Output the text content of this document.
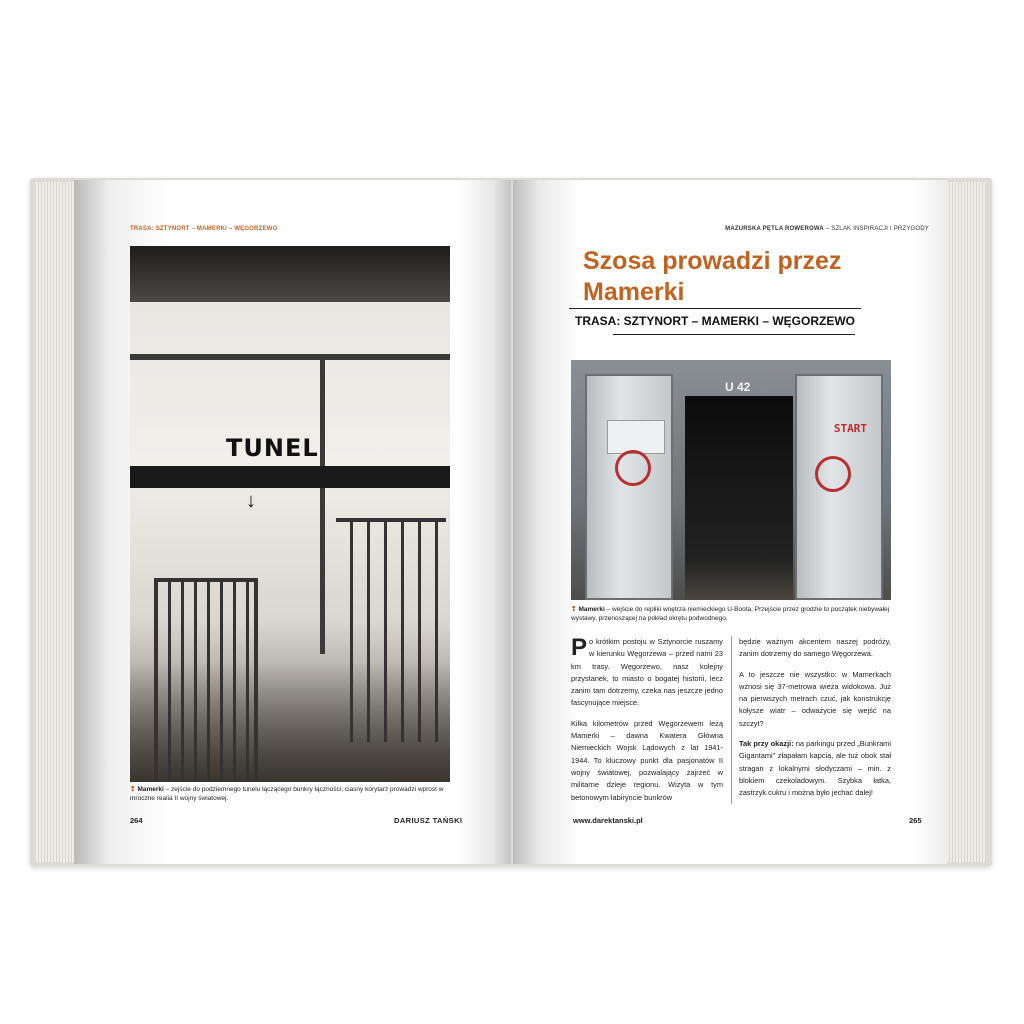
TRASA: SZTYNORT – MAMERKI – WĘGORZEWO
TUNEL
↓
❢ Mamerki – zejście do podziemnego tunelu łączącego bunkry łączności; ciasny korytarz prowadzi wprost w mroczne realia II wojny światowej.
264	DARIUSZ TAŃSKI
MAZURSKA PĘTLA ROWEROWA – SZLAK INSPIRACJI I PRZYGODY
Szosa prowadzi przez
Mamerki
TRASA: SZTYNORT – MAMERKI – WĘGORZEWO
U 42
START
❢ Mamerki – wejście do repliki wnętrza niemieckiego U-Boota. Przejście przez grodzie to początek niebywałej wystawy, przenoszącej na pokład okrętu podwodnego.

Po krótkim postoju w Sztynorcie ruszamy w kierunku Węgorzewa – przed nami 23 km trasy. Węgorzewo, nasz kolejny przystanek, to miasto o bogatej historii, lecz zanim tam dotrzemy, czeka nas jeszcze jedno fascynujące miejsce.

Kilka kilometrów przed Węgorzewem leżą Mamerki – dawna Kwatera Główna Niemieckich Wojsk Lądowych z lat 1941-1944. To kluczowy punkt dla pasjonatów II wojny światowej, pozwalający zajrzeć w militarne dzieje regionu. Wizyta w tym betonowym labiryncie bunkrów

będzie ważnym akcentem naszej podróży, zanim dotrzemy do samego Węgorzewa.

A to jeszcze nie wszystko: w Mamerkach wznosi się 37-metrowa wieża widokowa. Już na pierwszych metrach czuć, jak konstrukcję kołysze wiatr – odważycie się wejść na szczyt?

Tak przy okazji: na parkingu przed „Bunkrami Gigantami” złapałam kapcia, ale tuż obok stał stragan z lokalnymi słodyczami – min. z blokiem czekoladowym. Szybka łatka, zastrzyk cukru i można było jechać dalej!

www.darektanski.pl	265
